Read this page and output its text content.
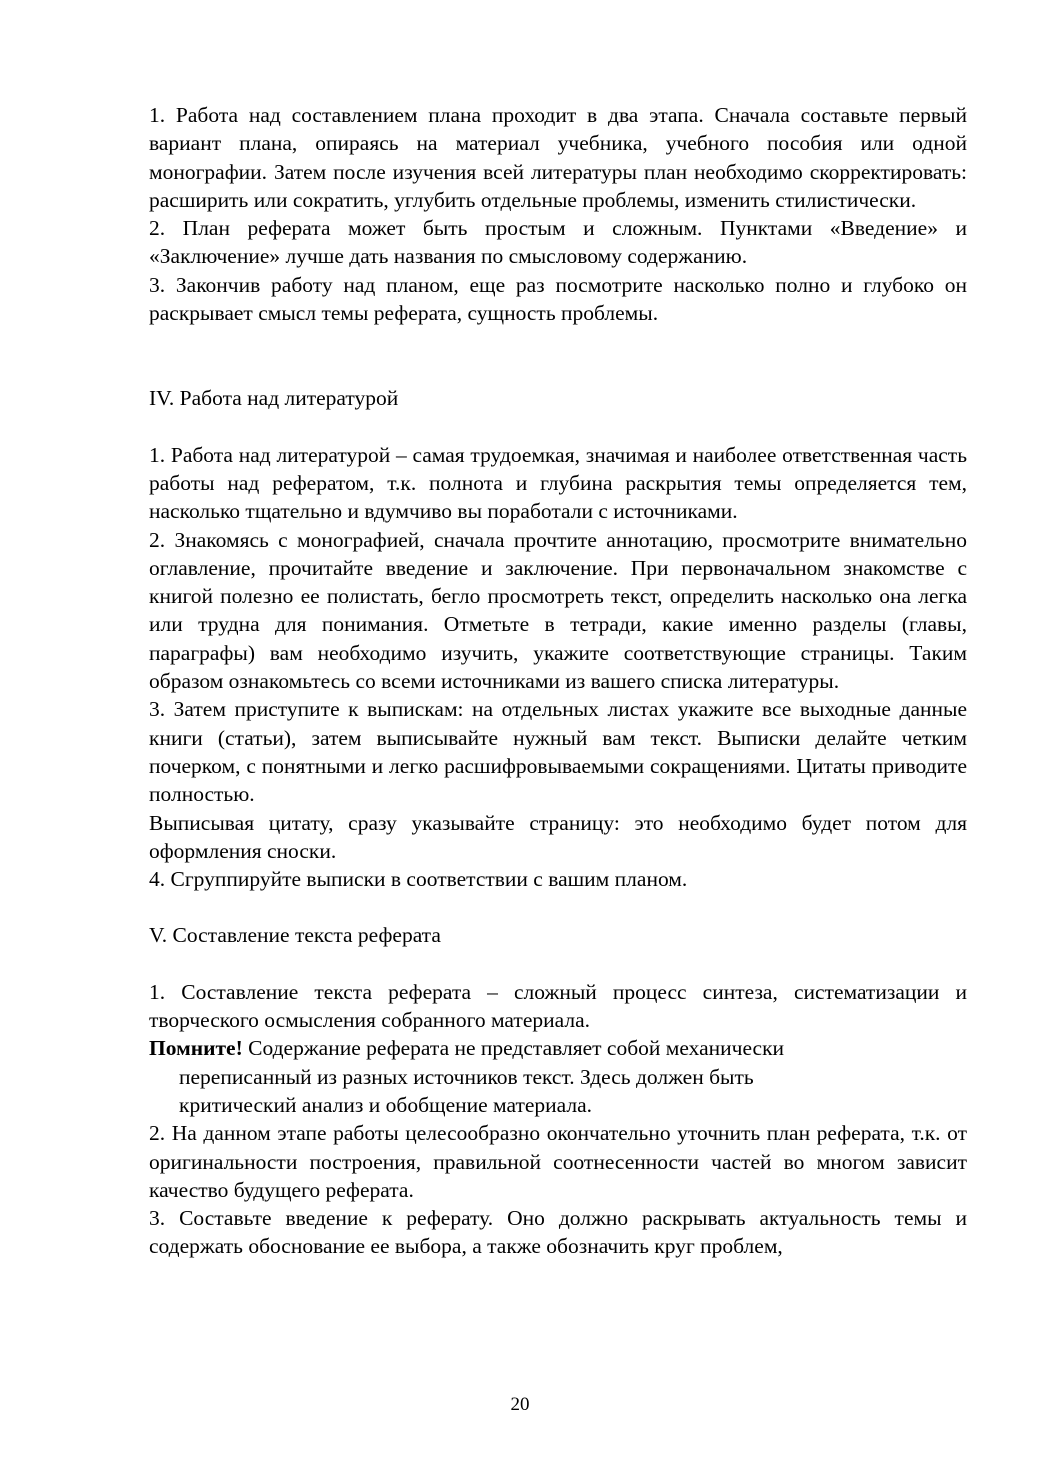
1. Работа над составлением плана проходит в два этапа. Сначала составьте первый вариант плана, опираясь на материал учебника, учебного пособия или одной монографии. Затем после изучения всей литературы план необходимо скорректировать: расширить или сократить, углубить отдельные проблемы, изменить стилистически.

2. План реферата может быть простым и сложным. Пунктами «Введение» и «Заключение» лучше дать названия по смысловому содержанию.

3. Закончив работу над планом, еще раз посмотрите насколько полно и глубоко он раскрывает смысл темы реферата, сущность проблемы.

IV. Работа над литературой

1. Работа над литературой – самая трудоемкая, значимая и наиболее ответственная часть работы над рефератом, т.к. полнота и глубина раскрытия темы определяется тем, насколько тщательно и вдумчиво вы поработали с источниками.

2. Знакомясь с монографией, сначала прочтите аннотацию, просмотрите внимательно оглавление, прочитайте введение и заключение. При первоначальном знакомстве с книгой полезно ее полистать, бегло просмотреть текст, определить насколько она легка или трудна для понимания. Отметьте в тетради, какие именно разделы (главы, параграфы) вам необходимо изучить, укажите соответствующие страницы. Таким образом ознакомьтесь со всеми источниками из вашего списка литературы.

3. Затем приступите к выпискам: на отдельных листах укажите все выходные данные книги (статьи), затем выписывайте нужный вам текст. Выписки делайте четким почерком, с понятными и легко расшифровываемыми сокращениями. Цитаты приводите полностью.

Выписывая цитату, сразу указывайте страницу: это необходимо будет потом для оформления сноски.

4. Сгруппируйте выписки в соответствии с вашим планом.

V. Составление текста реферата

1. Составление текста реферата – сложный процесс синтеза, систематизации и творческого осмысления собранного материала.

Помните! Содержание реферата не представляет собой механически
переписанный из разных источников текст. Здесь должен быть
критический анализ и обобщение материала.

2. На данном этапе работы целесообразно окончательно уточнить план реферата, т.к. от оригинальности построения, правильной соотнесенности частей во многом зависит качество будущего реферата.

3. Составьте введение к реферату. Оно должно раскрывать актуальность темы и содержать обоснование ее выбора, а также обозначить круг проблем,

20
